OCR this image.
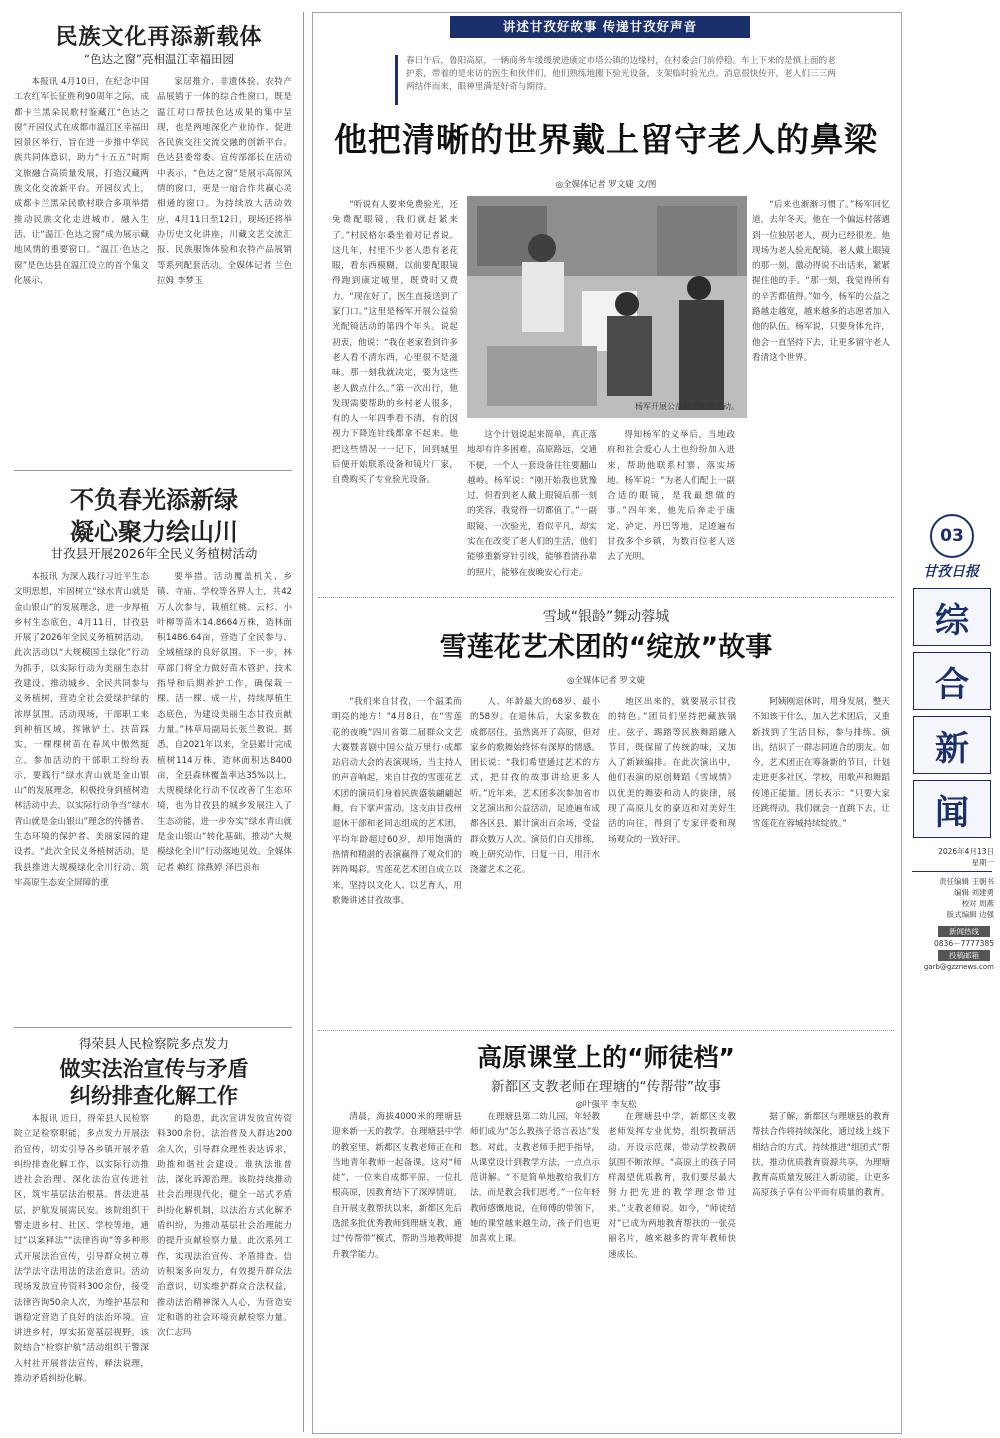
民族文化再添新载体
“色达之窗”亮相温江幸福田园
本报讯 4月10日，在纪念中国工农红军长征胜利90周年之际，成都卡兰黑朵民歌村鉴藏江“色达之窗”开园仪式在成都市温江区幸福田园景区举行，旨在进一步推中华民族共同体意识，助力“十五五”时期文旅融合高质量发展，打造汉藏两族文化交流新平台。开园仪式上，成都卡兰黑朵民歌村联合多项举措推动民族文化走进城市、融入生活，让“温江·色达之窗”成为展示藏地风情的重要窗口。“温江·色达之窗”是色达县在温江设立的首个集文化展示、
家居推介、非遗体验、农特产品展销于一体的综合性窗口，既是温江对口帮扶色达成果的集中呈现，也是两地深化产业协作、促进各民族交往交流交融的创新平台。色达县委常委、宣传部部长在活动中表示，“色达之窗”是展示高原风情的窗口，更是一扇合作共赢心灵相通的窗口。为持续放大活动效应，4月11日至12日，现场还将举办历史文化讲座，川藏文艺交流汇报、民族服饰体验和农特产品展销等系列配套活动。全媒体记者 兰色拉姆 李梦玉
不负春光添新绿
凝心聚力绘山川
甘孜县开展2026年全民义务植树活动
本报讯 为深入践行习近平生态文明思想，牢固树立“绿水青山就是金山银山”的发展理念，进一步厚植乡村生态底色，4月11日，甘孜县开展了2026年全民义务植树活动。此次活动以“大规模国土绿化”行动为抓手，以实际行动为美丽生态甘孜建设、推动城乡、全民共同参与义务植树，营造全社会爱绿护绿的浓厚氛围。活动现场，干部职工来到种植区域，挥锹铲土、扶苗踩实，一棵棵树苗在春风中傲然挺立。参加活动的干部职工纷纷表示，要践行“绿水青山就是金山银山”的发展理念，积极投身到植树造林活动中去，以实际行动争当“绿水青山就是金山银山”理念的传播者、生态环境的保护者、美丽家园的建设者。“此次全民义务植树活动，是我县推进大规模绿化全川行动、筑牢高原生态安全屏障的重
要举措。活动覆盖机关、乡镇、寺庙、学校等各界人士，共42万人次参与，栽植红桃、云杉、小叶柳等苗木14.8664万株，造林面积1486.64亩，营造了全民参与、全域植绿的良好氛围。下一步，林草部门将全力做好苗木管护、技术指导和后期养护工作，确保栽一棵、活一棵、成一片，持续厚植生态底色，为建设美丽生态甘孜贡献力量。”林草局副局长张兰教说。据悉，自2021年以来，全县累计完成植树114万株，造林面积达8400亩，全县森林覆盖率达35%以上，大规模绿化行动不仅改善了生态环境，也为甘孜县的城乡发展注入了生态动能，进一步夯实“绿水青山就是金山银山”转化基础，推动“大规模绿化全川”行动落地见效。全媒体记者 赖红 徐燕婷 泽巴贡布
得荣县人民检察院多点发力
做实法治宣传与矛盾
纠纷排查化解工作
本报讯 近日，得荣县人民检察院立足检察职能，多点发力开展法治宣传，切实引导各乡镇开展矛盾纠纷排查化解工作，以实际行动推进社会治理、深化法治宣传进社区，筑牢基层法治根基。普法进基层，护航发展需民安。该院组织干警走进乡村、社区、学校等地，通过“以案释法”“法律咨询”等多种形式开展法治宣传，引导群众树立尊法学法守法用法的法治意识。活动现场发放宣传资料300余份，接受法律咨询50余人次，为维护基层和谐稳定营造了良好的法治环境。宣讲进乡村，厚实拓宽基层视野。该院结合“检察护航”活动组织干警深入村社开展普法宣传，释法说理，推动矛盾纠纷化解。
的隐患，此次宣讲发放宣传资料300余份，法治普及人群达200余人次，引导群众理性表达诉求，助推和谐社会建设。谁执法谁普法，深化诉源治理。该院持续推动社会治理现代化，健全一站式矛盾纠纷化解机制，以法治方式化解矛盾纠纷，为推动基层社会治理能力的提升贡献检察力量。此次系列工作，实现法治宣传、矛盾排查、信访积案多向发力，有效提升群众法治意识，切实维护群众合法权益，推动法治精神深入人心，为营造安定和谐的社会环境贡献检察力量。次仁志玛
讲述甘孜好故事 传递甘孜好声音
春日午后，鲁阳高原，一辆商务车缓缓驶进康定市塔公镇的边缘村，在村委会门前停稳。车上下来的是慎上面的老护系，带着的是来访的医生和伙伴们，他们熟练地搬下验光设备，支架临时验光点。消息很快传开，老人们三三两两结伴而来，眼神里满是好奇与期待。
他把清晰的世界戴上留守老人的鼻梁
◎全媒体记者 罗文婕 文/图
“听说有人要来免费验光，还免费配眼镜，我们就赶紧来了。”村民格尔桑坐着对记者说。这几年，村里不少老人患有老花眼，看东西模糊，以前要配眼镜得跑到康定城里，既费时又费力。“现在好了，医生直接送到了家门口。”这里是杨军开展公益验光配镜活动的第四个年头。说起初衷，他说：“我在老家看到许多老人看不清东西，心里很不是滋味。那一刻我就决定，要为这些老人做点什么。”第一次出行，他发现需要帮助的乡村老人很多，有的人一年四季看不清，有的因视力下降连针线都拿不起来。他把这些情况一一记下，回到城里后便开始联系设备和镜片厂家，自费购买了专业验光设备。
杨军开展公益验光配镜活动。
这个计划说起来简单，真正落地却有许多困难，高原路远，交通不便，一个人一套设备往往要翻山越岭。杨军说：“刚开始我也犹豫过，但看到老人戴上眼镜后那一刻的笑容，我觉得一切都值了。”一副眼镜、一次验光，看似平凡，却实实在在改变了老人们的生活，他们能够重新穿针引线，能够看清孙辈的照片，能够在夜晚安心行走。
得知杨军的义举后，当地政府和社会爱心人士也纷纷加入进来，帮助他联系村寨、落实场地。杨军说：“为老人们配上一副合适的眼镜，是我最想做的事。”四年来，他先后奔走于康定、泸定、丹巴等地，足迹遍布甘孜多个乡镇，为数百位老人送去了光明。
“后来也渐渐习惯了。”杨军回忆道，去年冬天，他在一个偏远村落遇到一位独居老人，视力已经很差。他现场为老人验光配镜，老人戴上眼镜的那一刻，激动得说不出话来，紧紧握住他的手。“那一刻，我觉得所有的辛苦都值得。”如今，杨军的公益之路越走越宽，越来越多的志愿者加入他的队伍。杨军说，只要身体允许，他会一直坚持下去，让更多留守老人看清这个世界。
雪域“银龄”舞动蓉城
雪莲花艺术团的“绽放”故事
◎全媒体记者 罗文婕
“我们来自甘孜，一个温柔而明亮的地方！”4月8日，在“雪莲花的夜晚”四川省第二届群众文艺大赛暨喜剧中国公益万里行·成都站启动大会的表演现场，当主持人的声音响起，来自甘孜的雪莲花艺术团的演员们身着民族盛装翩翩起舞，台下掌声雷动。这支由甘孜州退休干部和老同志组成的艺术团，平均年龄超过60岁，却用饱满的热情和精湛的表演赢得了观众们的阵阵喝彩。雪莲花艺术团自成立以来，坚持以文化人、以艺育人，用歌舞讲述甘孜故事。
人、年龄最大的68岁、最小的58岁。在退休后，大家多数在成都居住，虽然离开了高原，但对家乡的歌舞始终怀有深厚的情感。团长说：“我们希望通过艺术的方式，把甘孜的故事讲给更多人听。”近年来，艺术团多次参加省市文艺演出和公益活动，足迹遍布成都各区县，累计演出百余场，受益群众数万人次。演员们白天排练，晚上研究动作，日复一日，用汗水浇灌艺术之花。
地区出来的，就要展示甘孜的特色。”团员们坚持把藏族锅庄、弦子、踢踏等民族舞蹈融入节目，既保留了传统韵味，又加入了新颖编排。在此次演出中，他们表演的原创舞蹈《雪域情》以优美的舞姿和动人的旋律，展现了高原儿女的豪迈和对美好生活的向往，得到了专家评委和现场观众的一致好评。
阿姨刚退休时，用身发展，整天不知该干什么，加入艺术团后，又重新找到了生活目标，参与排练、演出，结识了一群志同道合的朋友。如今，艺术团正在筹备新的节目，计划走进更多社区、学校，用歌声和舞蹈传递正能量。团长表示：“只要大家还跳得动，我们就会一直跳下去，让雪莲花在蓉城持续绽放。”
高原课堂上的“师徒档”
新都区支教老师在理塘的“传帮带”故事
◎叶强平 李友松
清晨，海拔4000米的理塘县迎来新一天的教学。在理塘县中学的教室里，新都区支教老师正在和当地青年教师一起备课。这对“师徒”，一位来自成都平原，一位扎根高原，因教育结下了深厚情谊。自开展支教帮扶以来，新都区先后选派多批优秀教师到理塘支教，通过“传帮带”模式，帮助当地教师提升教学能力。
在理塘县第二幼儿园，年轻教师们成为“怎么教孩子语言表达”发愁。对此，支教老师手把手指导，从课堂设计到教学方法，一点点示范讲解。“不是简单地教给我们方法，而是教会我们思考。”一位年轻教师感慨地说，在师傅的带领下，她的课堂越来越生动，孩子们也更加喜欢上课。
在理塘县中学，新都区支教老师发挥专业优势，组织教研活动、开设示范课，带动学校教研氛围不断浓厚。“高原上的孩子同样渴望优质教育，我们要尽最大努力把先进的教学理念带过来。”支教老师说。如今，“师徒结对”已成为两地教育帮扶的一张亮丽名片，越来越多的青年教师快速成长。
据了解，新都区与理塘县的教育帮扶合作将持续深化，通过线上线下相结合的方式，持续推进“组团式”帮扶，推动优质教育资源共享，为理塘教育高质量发展注入新动能，让更多高原孩子享有公平而有质量的教育。
03
甘孜日报
综
合
新
闻
2026年4月13日
星期一
责任编辑 王朝书
编辑 刘建勇
校对 周燕
版式编辑 边强
新闻热线
0836－7777385
投稿邮箱
garb@gzznews.com
